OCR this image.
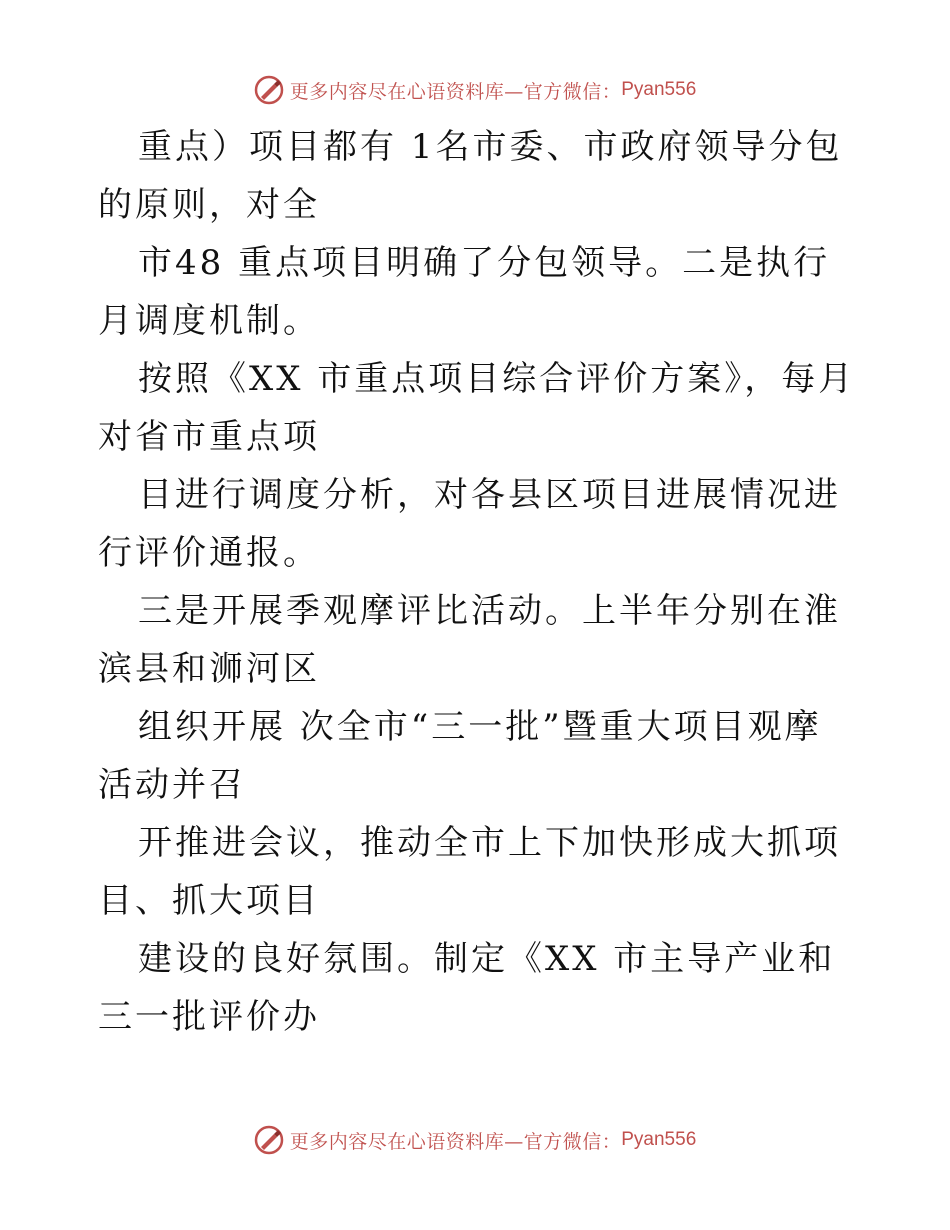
更多内容尽在心语资料库—官方微信： Pyan556

重点）项目都有 1名市委、市政府领导分包的原则，对全

市48 重点项目明确了分包领导。二是执行月调度机制。

按照《XX 市重点项目综合评价方案》，每月对省市重点项

目进行调度分析，对各县区项目进展情况进行评价通报。

三是开展季观摩评比活动。上半年分别在淮滨县和浉河区

组织开展 次全市“三一批”暨重大项目观摩活动并召

开推进会议，推动全市上下加快形成大抓项目、抓大项目

建设的良好氛围。制定《XX 市主导产业和三一批评价办

更多内容尽在心语资料库—官方微信： Pyan556
